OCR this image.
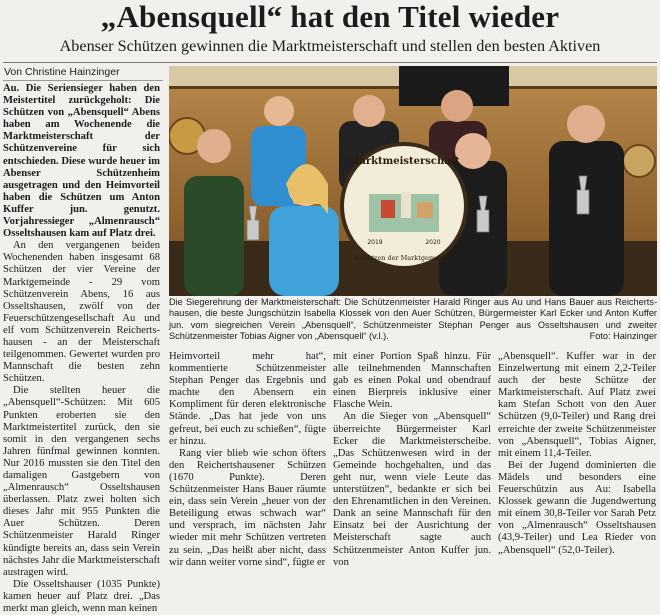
„Abensquell“ hat den Titel wieder
Abenser Schützen gewinnen die Marktmeisterschaft und stellen den besten Aktiven
Von Christine Hainzinger

Au. Die Seriensieger haben den Meistertitel zurückgeholt: Die Schützen von „Abensquell“ Abens haben am Wochenende die Marktmeisterschaft der Schützenvereine für sich entschieden. Diese wurde heuer im Abenser Schützenheim ausgetragen und den Heimvorteil haben die Schützen um Anton Kuffer jun. genutzt. Vorjahressieger „Almenrausch“ Osseltshausen kam auf Platz drei.

An den vergangenen beiden Wochenenden haben insgesamt 68 Schützen der vier Vereine der Marktgemeinde - 29 vom Schützenverein Abens, 16 aus Osseltshausen, zwölf von der Feuerschützengesellschaft Au und elf vom Schützenverein Reichertshausen - an der Meisterschaft teilgenommen. Gewertet wurden pro Mannschaft die besten zehn Schützen.

Die stellten heuer die „Abensquell“-Schützen: Mit 605 Punkten eroberten sie den Marktmeistertitel zurück, den sie somit in den vergangenen sechs Jahren fünfmal gewinnen konnten. Nur 2016 mussten sie den Titel den damaligen Gastgebern von „Almenrausch“ Osseltshausen überlassen. Platz zwei holten sich dieses Jahr mit 955 Punkten die Auer Schützen. Deren Schützenmeister Harald Ringer kündigte bereits an, dass sein Verein nächstes Jahr die Marktmeisterschaft austragen wird.

Die Osseltshauser (1035 Punkte) kamen heuer auf Platz drei. „Das merkt man gleich, wenn man keinen

Marktmeisterschaft
2019	2020
Schützen der Marktgemeinde
Die Siegerehrung der Marktmeisterschaft: Die Schützenmeister Harald Ringer aus Au und Hans Bauer aus Reichertshausen, die beste Jungschützin Isabella Klossek von den Auer Schützen, Bürgermeister Karl Ecker und Anton Kuffer jun. vom siegreichen Verein „Abensquell“, Schützenmeister Stephan Penger aus Osseltshausen und zweiter Schützenmeister Tobias Aigner von „Abensquell“ (v.l.).	Foto: Hainzinger

Heimvorteil mehr hat“, kommentierte Schützenmeister Stephan Penger das Ergebnis und machte den Abensern ein Kompliment für deren elektronische Stände. „Das hat jede von uns gefreut, bei euch zu schießen“, fügte er hinzu.

Rang vier blieb wie schon öfters den Reichertshausener Schützen (1670 Punkte). Deren Schützenmeister Hans Bauer räumte ein, dass sein Verein „heuer von der Beteiligung etwas schwach war“ und versprach, im nächsten Jahr wieder mit mehr Schützen vertreten zu sein. „Das heißt aber nicht, dass wir dann weiter vorne sind“, fügte er

mit einer Portion Spaß hinzu. Für alle teilnehmenden Mannschaften gab es einen Pokal und obendrauf einen Bierpreis inklusive einer Flasche Wein.

An die Sieger von „Abensquell“ überreichte Bürgermeister Karl Ecker die Marktmeisterscheibe. „Das Schützenwesen wird in der Gemeinde hochgehalten, und das geht nur, wenn viele Leute das unterstützen“, bedankte er sich bei den Ehrenamtlichen in den Vereinen. Dank an seine Mannschaft für den Einsatz bei der Ausrichtung der Meisterschaft sagte auch Schützenmeister Anton Kuffer jun. von

„Abensquell“. Kuffer war in der Einzelwertung mit einem 2,2-Teiler auch der beste Schütze der Marktmeisterschaft. Auf Platz zwei kam Stefan Schott von den Auer Schützen (9,0-Teiler) und Rang drei erreichte der zweite Schützenmeister von „Abensquell“, Tobias Aigner, mit einem 11,4-Teiler.

Bei der Jugend dominierten die Mädels und besonders eine Feuerschützin aus Au: Isabella Klossek gewann die Jugendwertung mit einem 30,8-Teiler vor Sarah Petz von „Almenrausch“ Osseltshausen (43,9-Teiler) und Lea Rieder von „Abensquell“ (52,0-Teiler).
